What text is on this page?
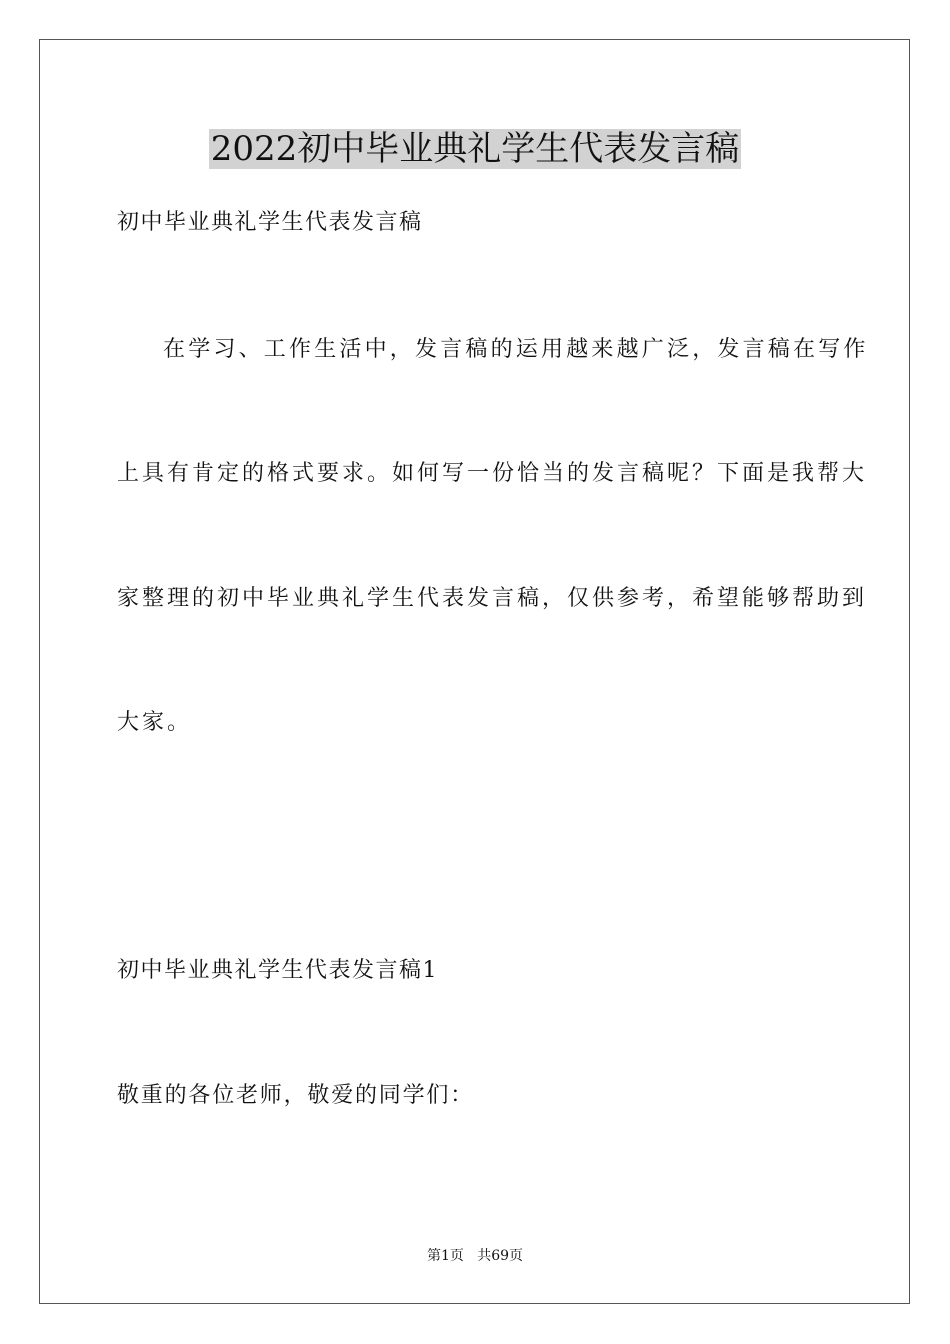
2022初中毕业典礼学生代表发言稿
初中毕业典礼学生代表发言稿
在学习、工作生活中，发言稿的运用越来越广泛，发言稿在写作
上具有肯定的格式要求。如何写一份恰当的发言稿呢？下面是我帮大
家整理的初中毕业典礼学生代表发言稿，仅供参考，希望能够帮助到
大家。
初中毕业典礼学生代表发言稿1
敬重的各位老师，敬爱的同学们：
第1页   共69页
